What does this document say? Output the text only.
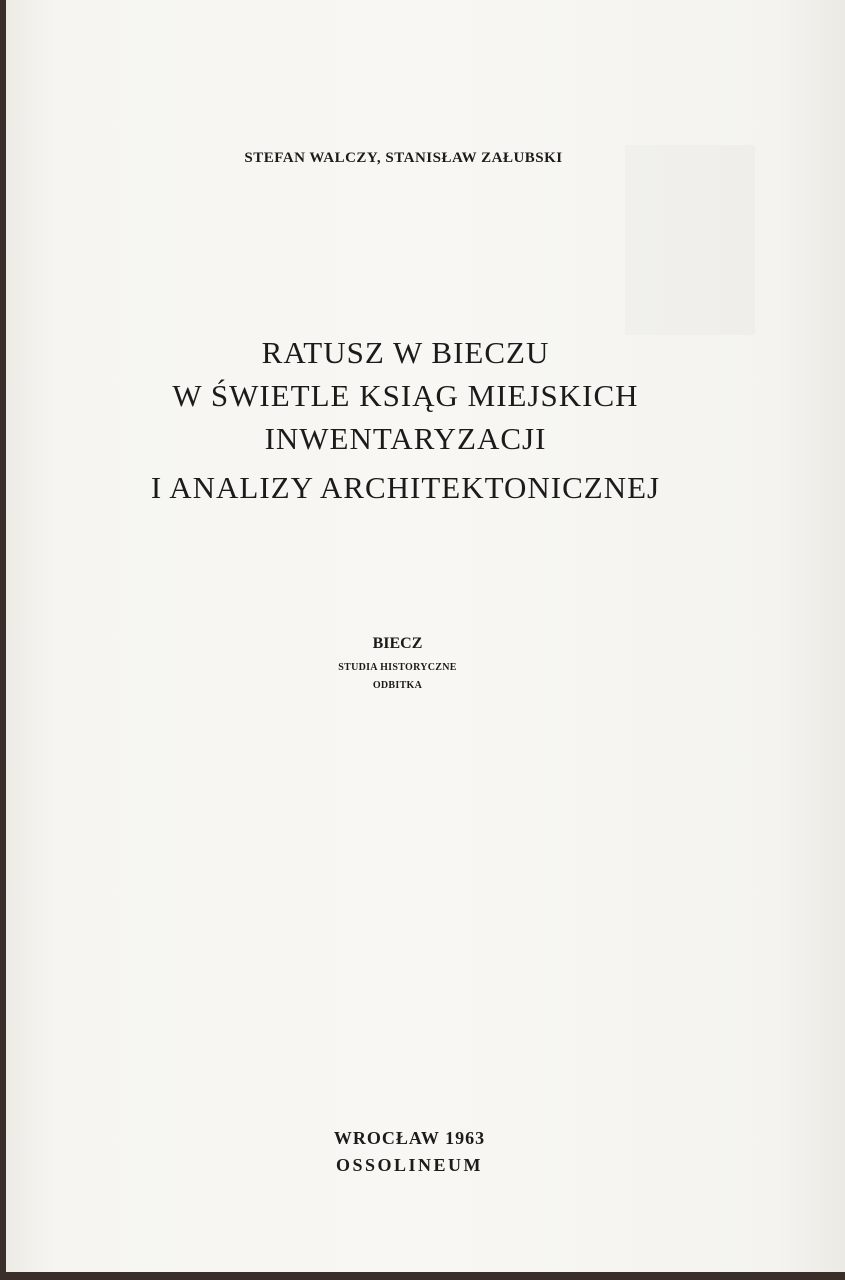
STEFAN WALCZY, STANISŁAW ZAŁUBSKI

RATUSZ W BIECZU
W ŚWIETLE KSIĄG MIEJSKICH
INWENTARYZACJI
I ANALIZY ARCHITEKTONICZNEJ

BIECZ

STUDIA HISTORYCZNE

ODBITKA

WROCŁAW 1963

OSSOLINEUM
